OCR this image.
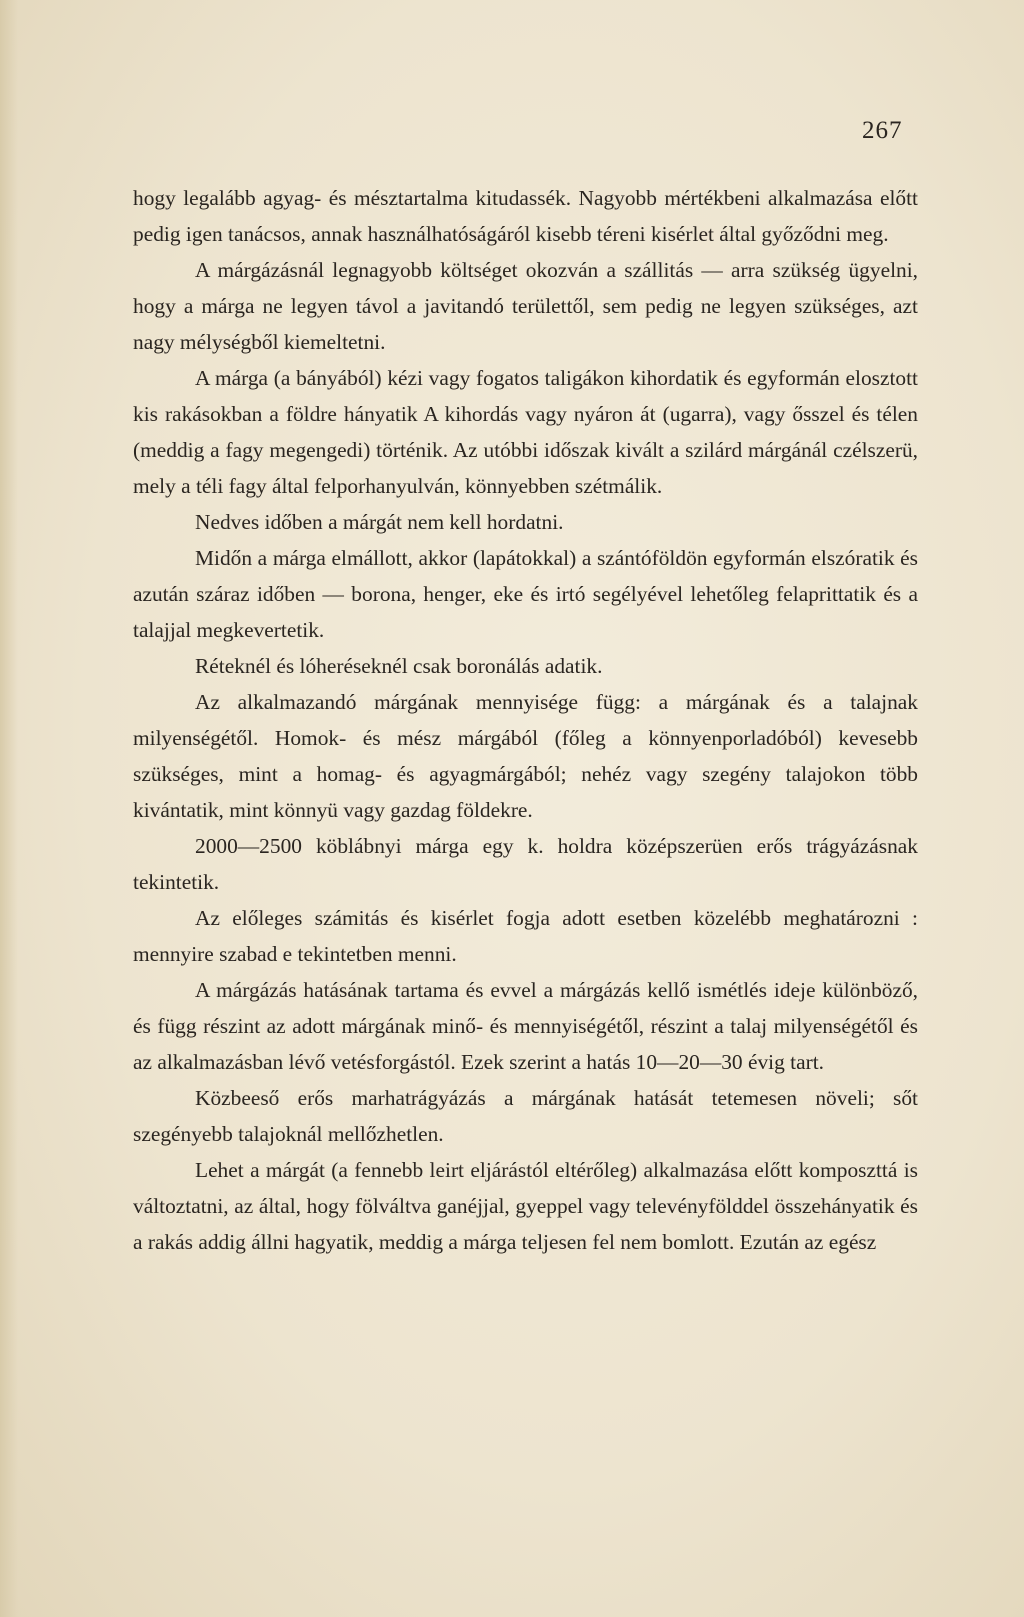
267

hogy legalább agyag- és mésztartalma kitudassék. Nagyobb mértékbeni alkalmazása előtt pedig igen tanácsos, annak használhatóságáról kisebb téreni kisérlet által győződni meg.

A márgázásnál legnagyobb költséget okozván a szállitás — arra szükség ügyelni, hogy a márga ne legyen távol a javitandó területtől, sem pedig ne legyen szükséges, azt nagy mélységből kiemeltetni.

A márga (a bányából) kézi vagy fogatos taligákon kihordatik és egyformán elosztott kis rakásokban a földre hányatik A kihordás vagy nyáron át (ugarra), vagy ősszel és télen (meddig a fagy megengedi) történik. Az utóbbi időszak kivált a szilárd márgánál czélszerü, mely a téli fagy által felporhanyulván, könnyebben szétmálik.

Nedves időben a márgát nem kell hordatni.

Midőn a márga elmállott, akkor (lapátokkal) a szántóföldön egyformán elszóratik és azután száraz időben — borona, henger, eke és irtó segélyével lehetőleg felaprittatik és a talajjal megkevertetik.

Réteknél és lóheréseknél csak boronálás adatik.

Az alkalmazandó márgának mennyisége függ: a márgának és a talajnak milyenségétől. Homok- és mész márgából (főleg a könnyenporladóból) kevesebb szükséges, mint a homag- és agyagmárgából; nehéz vagy szegény talajokon több kivántatik, mint könnyü vagy gazdag földekre.

2000—2500 köblábnyi márga egy k. holdra középszerüen erős trágyázásnak tekintetik.

Az előleges számitás és kisérlet fogja adott esetben közelébb meghatározni : mennyire szabad e tekintetben menni.

A márgázás hatásának tartama és evvel a márgázás kellő ismétlés ideje különböző, és függ részint az adott márgának minő- és mennyiségétől, részint a talaj milyenségétől és az alkalmazásban lévő vetésforgástól. Ezek szerint a hatás 10—20—30 évig tart.

Közbeeső erős marhatrágyázás a márgának hatását tetemesen növeli; sőt szegényebb talajoknál mellőzhetlen.

Lehet a márgát (a fennebb leirt eljárástól eltérőleg) alkalmazása előtt komposzttá is változtatni, az által, hogy fölváltva ganéjjal, gyeppel vagy televényfölddel összehányatik és a rakás addig állni hagyatik, meddig a márga teljesen fel nem bomlott. Ezután az egész
